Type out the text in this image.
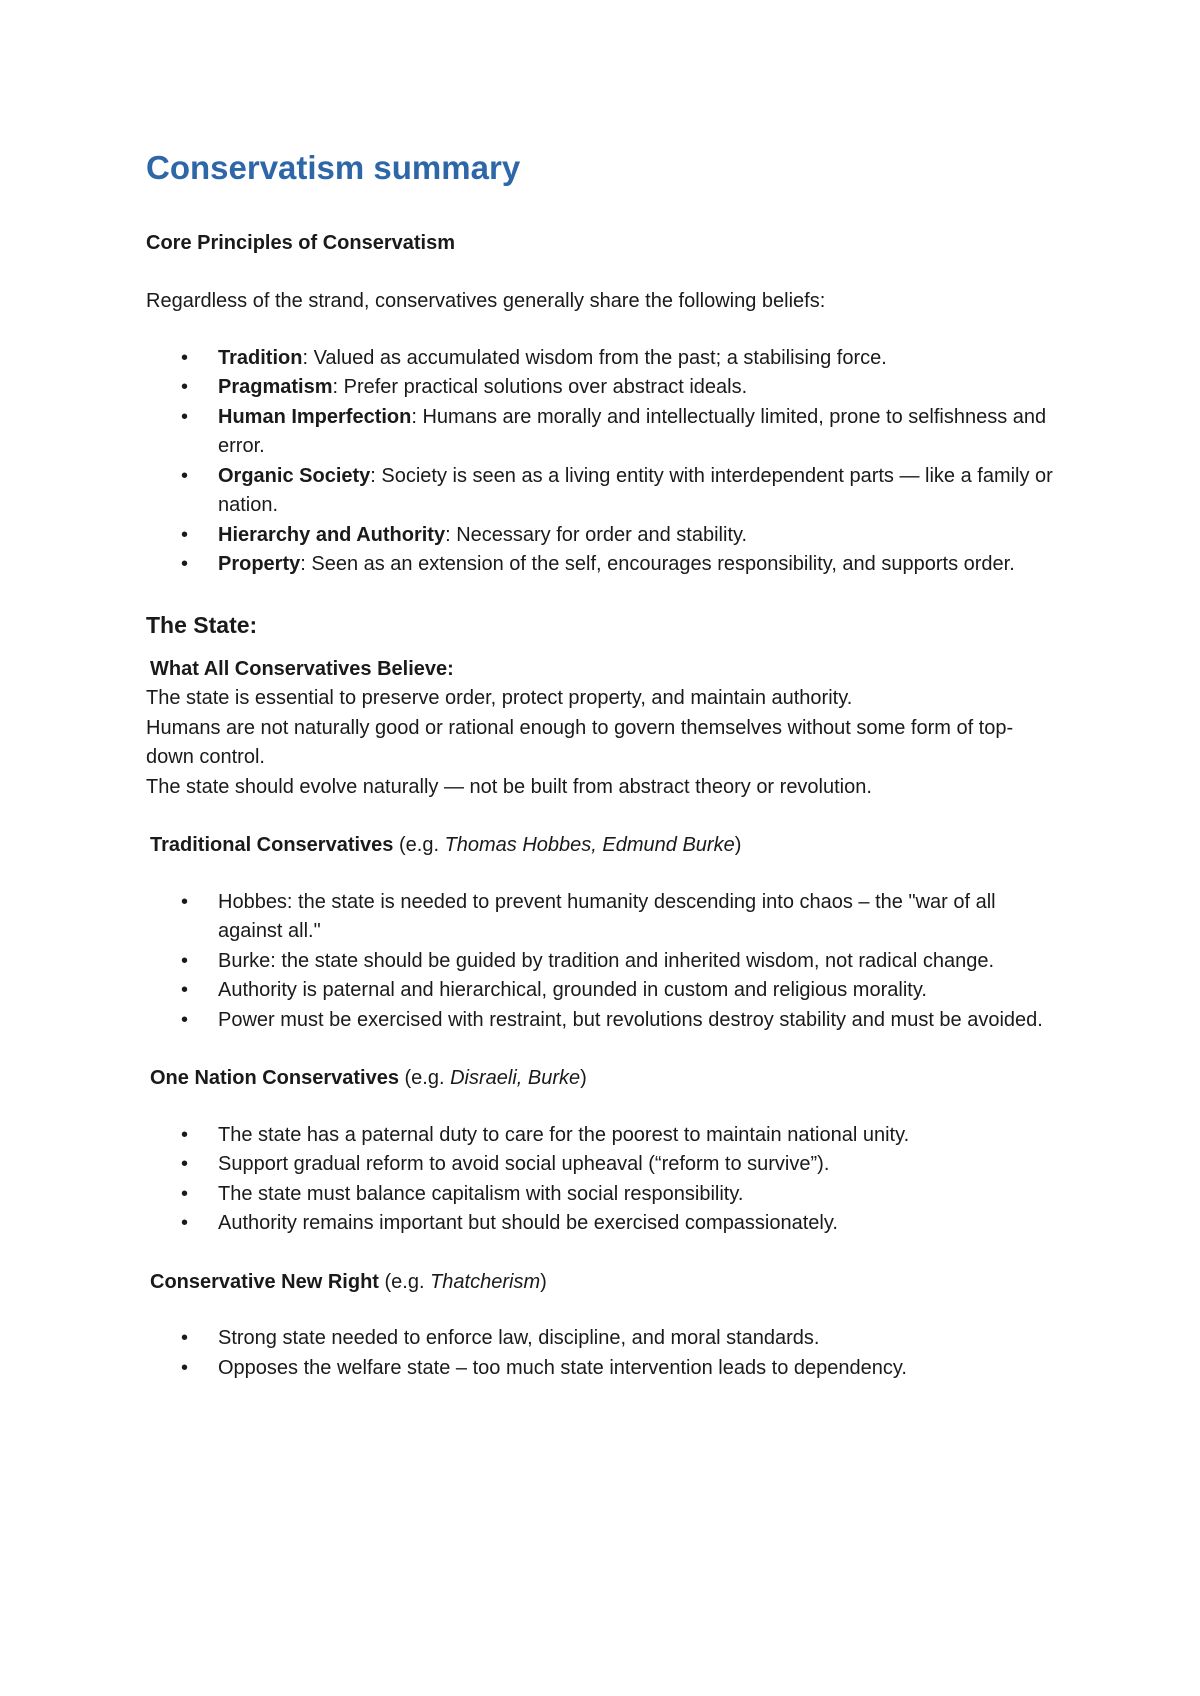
Conservatism summary
Core Principles of Conservatism

Regardless of the strand, conservatives generally share the following beliefs:

• Tradition: Valued as accumulated wisdom from the past; a stabilising force.
• Pragmatism: Prefer practical solutions over abstract ideals.
• Human Imperfection: Humans are morally and intellectually limited, prone to selfishness and error.
• Organic Society: Society is seen as a living entity with interdependent parts — like a family or nation.
• Hierarchy and Authority: Necessary for order and stability.
• Property: Seen as an extension of the self, encourages responsibility, and supports order.
The State:

What All Conservatives Believe:

The state is essential to preserve order, protect property, and maintain authority.

Humans are not naturally good or rational enough to govern themselves without some form of top-down control.

The state should evolve naturally — not be built from abstract theory or revolution.

Traditional Conservatives (e.g. Thomas Hobbes, Edmund Burke)

• Hobbes: the state is needed to prevent humanity descending into chaos – the "war of all against all."
• Burke: the state should be guided by tradition and inherited wisdom, not radical change.
• Authority is paternal and hierarchical, grounded in custom and religious morality.
• Power must be exercised with restraint, but revolutions destroy stability and must be avoided.

One Nation Conservatives (e.g. Disraeli, Burke)

• The state has a paternal duty to care for the poorest to maintain national unity.
• Support gradual reform to avoid social upheaval (“reform to survive”).
• The state must balance capitalism with social responsibility.
• Authority remains important but should be exercised compassionately.

Conservative New Right (e.g. Thatcherism)

• Strong state needed to enforce law, discipline, and moral standards.
• Opposes the welfare state – too much state intervention leads to dependency.
